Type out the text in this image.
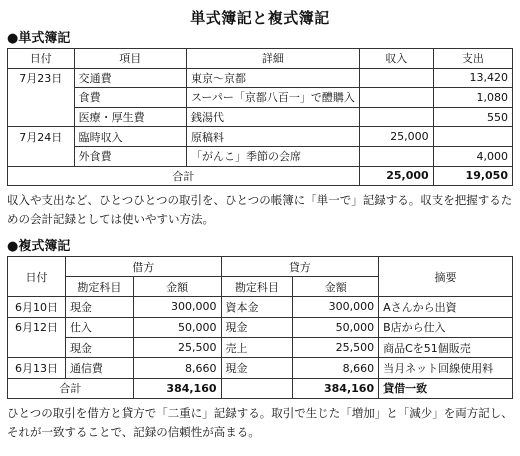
単式簿記と複式簿記
●単式簿記
日付	項目	詳細	収入	支出
7月23日	交通費	東京～京都		13,420
	食費	スーパー「京都八百一」で醴購入		1,080
	医療・厚生費	銭湯代		550
7月24日	臨時収入	原稿料	25,000	
	外食費	「がんこ」季節の会席		4,000
合計			25,000	19,050

収入や支出など、ひとつひとつの取引を、ひとつの帳簿に「単一で」記録する。収支を把握するための会計記録としては使いやすい方法。

●複式簿記
日付	借方		貸方		摘要
	勘定科目	金額	勘定科目	金額	
6月10日	現金	300,000	資本金	300,000	Aさんから出資
6月12日	仕入	50,000	現金	50,000	B店から仕入
	現金	25,500	売上	25,500	商品Cを51個販売
6月13日	通信費	8,660	現金	8,660	当月ネット回線使用料
合計		384,160		384,160	貸借一致

ひとつの取引を借方と貸方で「二重に」記録する。取引で生じた「増加」と「減少」を両方記し、それが一致することで、記録の信頼性が高まる。
